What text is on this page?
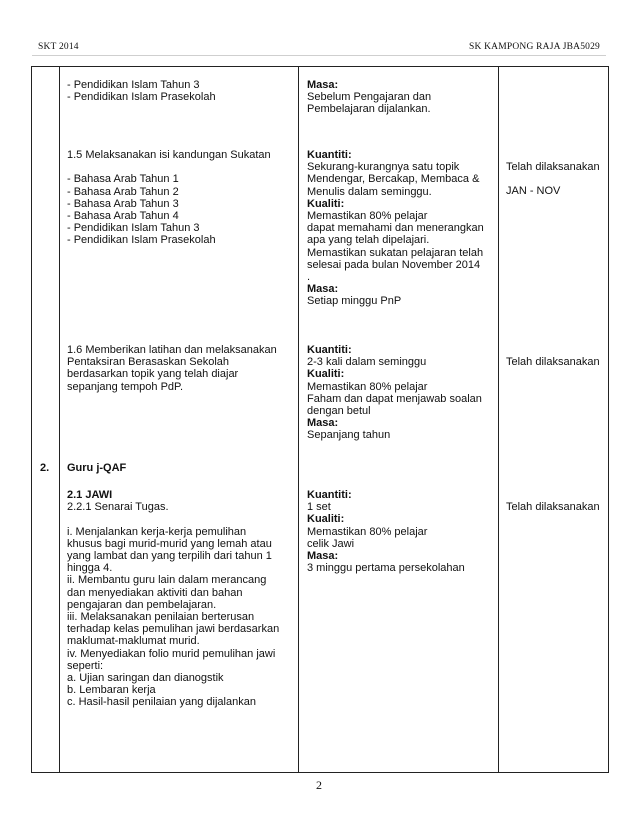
SKT 2014	SK KAMPONG RAJA JBA5029
- Pendidikan Islam Tahun 3
- Pendidikan Islam Prasekolah
Masa:
Sebelum Pengajaran dan
Pembelajaran dijalankan.
1.5 Melaksanakan isi kandungan Sukatan
- Bahasa Arab Tahun 1
- Bahasa Arab Tahun 2
- Bahasa Arab Tahun 3
- Bahasa Arab Tahun 4
- Pendidikan Islam Tahun 3
- Pendidikan Islam Prasekolah
Kuantiti:
Sekurang-kurangnya satu topik
Mendengar, Bercakap, Membaca &
Menulis dalam seminggu.
Kualiti:
Memastikan 80% pelajar
dapat memahami dan menerangkan
apa yang telah dipelajari.
Memastikan sukatan pelajaran telah
selesai pada bulan November 2014
.
Masa:
Setiap minggu PnP
Telah dilaksanakan
JAN - NOV
1.6 Memberikan latihan dan melaksanakan
Pentaksiran Berasaskan Sekolah
berdasarkan topik yang telah diajar
sepanjang tempoh PdP.
Kuantiti:
2-3 kali dalam seminggu
Kualiti:
Memastikan 80% pelajar
Faham dan dapat menjawab soalan
dengan betul
Masa:
Sepanjang tahun
Telah dilaksanakan
2. Guru j-QAF
2.1 JAWI
2.2.1 Senarai Tugas.
i. Menjalankan kerja-kerja pemulihan
khusus bagi murid-murid yang lemah atau
yang lambat dan yang terpilih dari tahun 1
hingga 4.
ii. Membantu guru lain dalam merancang
dan menyediakan aktiviti dan bahan
pengajaran dan pembelajaran.
iii. Melaksanakan penilaian berterusan
terhadap kelas pemulihan jawi berdasarkan
maklumat-maklumat murid.
iv. Menyediakan folio murid pemulihan jawi
seperti:
a. Ujian saringan dan dianogstik
b. Lembaran kerja
c. Hasil-hasil penilaian yang dijalankan
Kuantiti:
1 set
Kualiti:
Memastikan 80% pelajar
celik Jawi
Masa:
3 minggu pertama persekolahan
Telah dilaksanakan
2
